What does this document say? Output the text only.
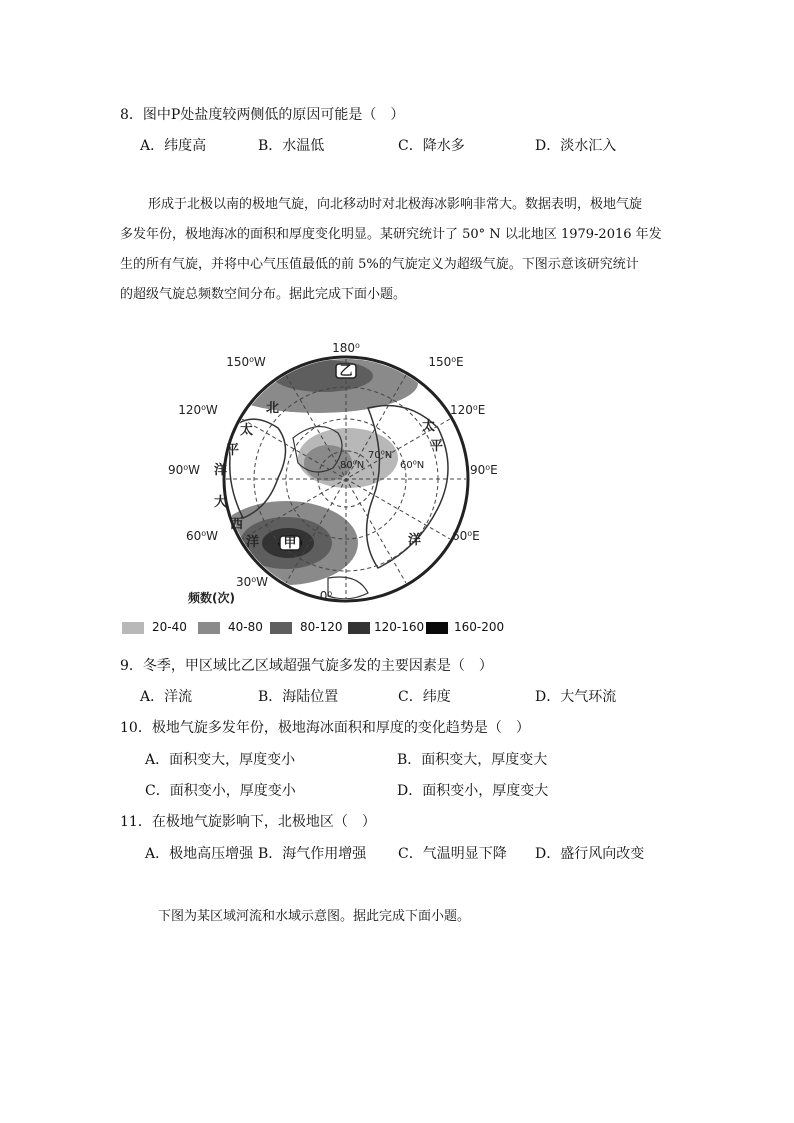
8．图中P处盐度较两侧低的原因可能是（　）
A．纬度高	B．水温低	C．降水多	D．淡水汇入

形成于北极以南的极地气旋，向北移动时对北极海冰影响非常大。数据表明，极地气旋

多发年份，极地海冰的面积和厚度变化明显。某研究统计了 50° N 以北地区 1979-2016 年发

生的所有气旋，并将中心气压值最低的前 5%的气旋定义为超级气旋。下图示意该研究统计

的超级气旋总频数空间分布。据此完成下面小题。

乙
甲
180⁰
150⁰W	150⁰E
120⁰W	120⁰E
90⁰W	90⁰E
60⁰W	60⁰E
30⁰W
0⁰
80⁰N
70⁰N
60⁰N
北
太
平
洋
大
西
洋
太
平
洋
频数(次)
20-40	40-80	80-120	120-160 160-200
9．冬季，甲区域比乙区域超强气旋多发的主要因素是（　）
A．洋流	B．海陆位置	C．纬度	D．大气环流
10．极地气旋多发年份，极地海冰面积和厚度的变化趋势是（　）
A．面积变大，厚度变小	B．面积变大，厚度变大
C．面积变小，厚度变小	D．面积变小，厚度变大
11．在极地气旋影响下，北极地区（　）
A．极地高压增强 B．海气作用增强 C．气温明显下降 D．盛行风向改变
下图为某区域河流和水域示意图。据此完成下面小题。
